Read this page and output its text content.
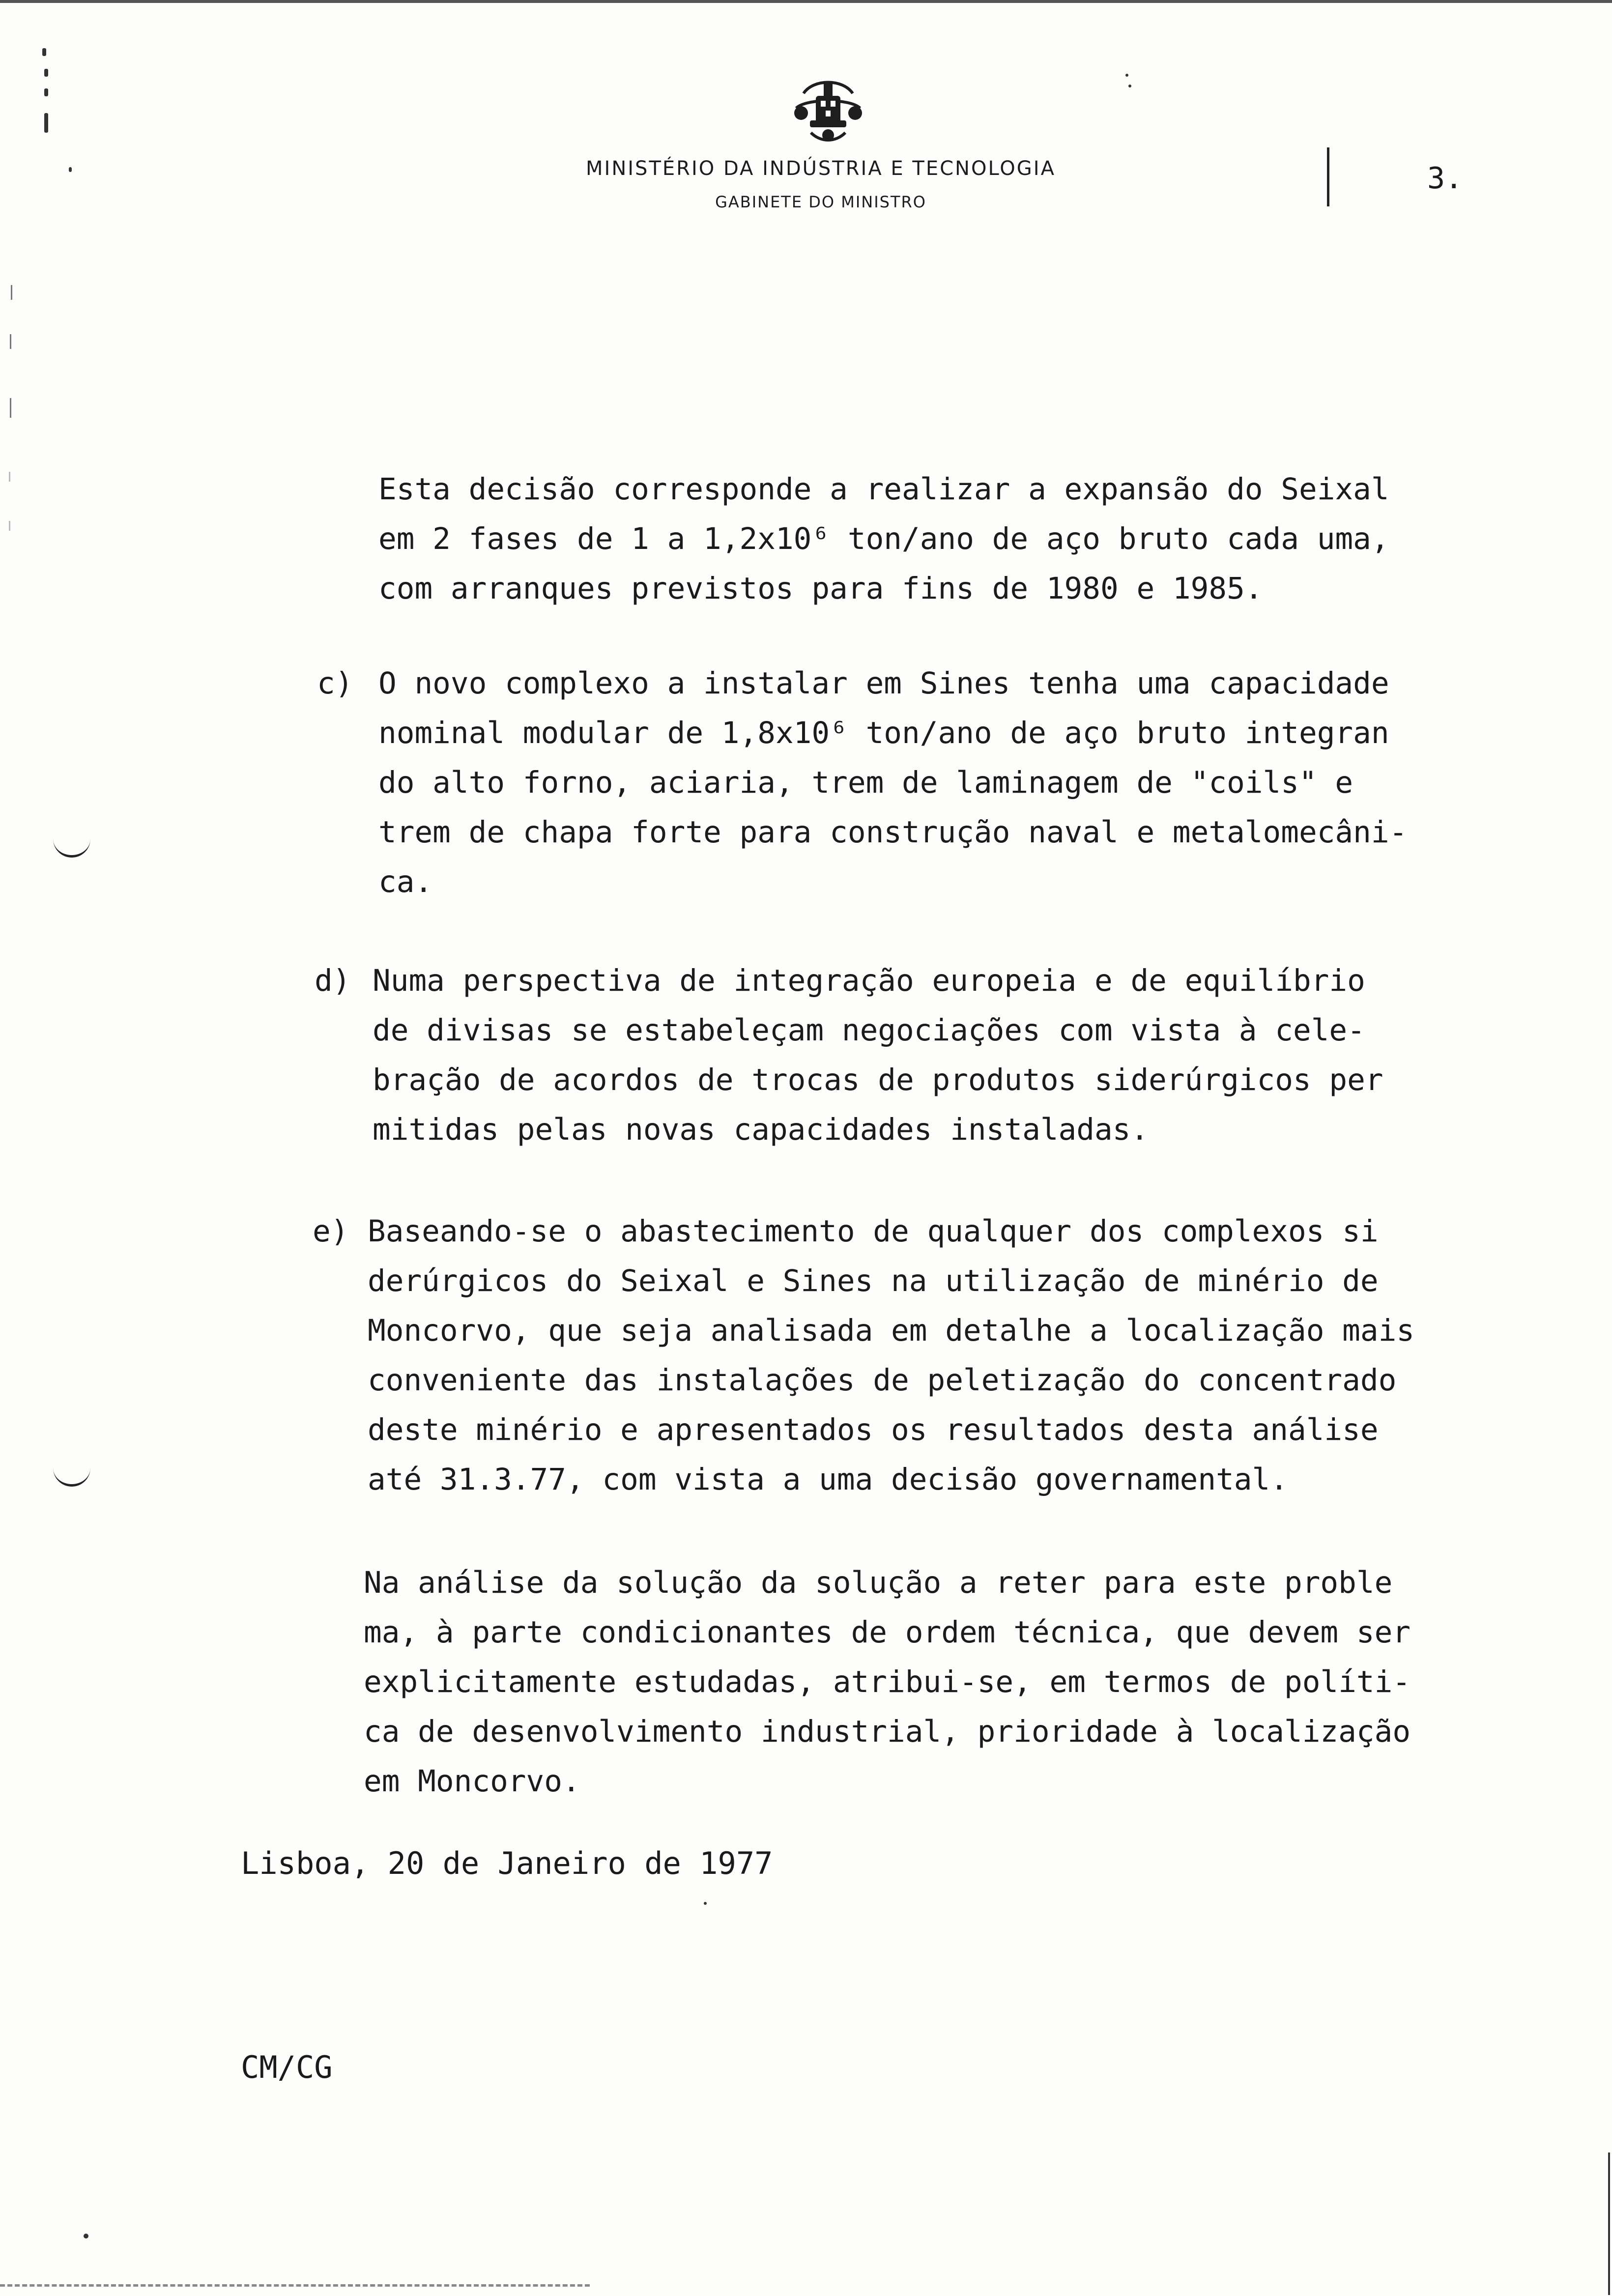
MINISTÉRIO DA INDÚSTRIA E TECNOLOGIA
GABINETE DO MINISTRO
3.
Esta decisão corresponde a realizar a expansão do Seixal
em 2 fases de 1 a 1,2x10⁶ ton/ano de aço bruto cada uma,
com arranques previstos para fins de 1980 e 1985.
c) O novo complexo a instalar em Sines tenha uma capacidade
nominal modular de 1,8x10⁶ ton/ano de aço bruto integran
do alto forno, aciaria, trem de laminagem de "coils" e
trem de chapa forte para construção naval e metalomecâni-
ca.
d) Numa perspectiva de integração europeia e de equilíbrio
de divisas se estabeleçam negociações com vista à cele-
bração de acordos de trocas de produtos siderúrgicos per
mitidas pelas novas capacidades instaladas.
e) Baseando-se o abastecimento de qualquer dos complexos si
derúrgicos do Seixal e Sines na utilização de minério de
Moncorvo, que seja analisada em detalhe a localização mais
conveniente das instalações de peletização do concentrado
deste minério e apresentados os resultados desta análise
até 31.3.77, com vista a uma decisão governamental.
Na análise da solução da solução a reter para este proble
ma, à parte condicionantes de ordem técnica, que devem ser
explicitamente estudadas, atribui-se, em termos de políti-
ca de desenvolvimento industrial, prioridade à localização
em Moncorvo.
Lisboa, 20 de Janeiro de 1977
CM/CG
